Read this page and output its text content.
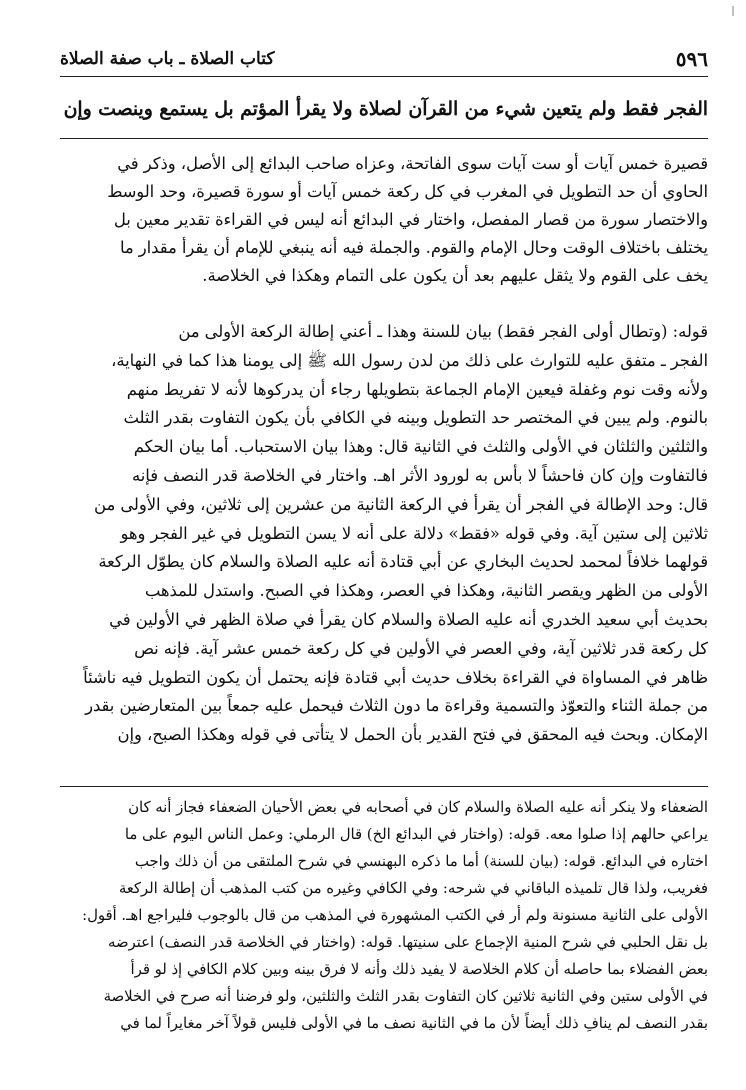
كتاب الصلاة ـ باب صفة الصلاة	٥٩٦
الفجر فقط ولم يتعين شيء من القرآن لصلاة ولا يقرأ المؤتم بل يستمع وينصت وإن
قصيرة خمس آيات أو ست آيات سوى الفاتحة، وعزاه صاحب البدائع إلى الأصل، وذكر في
الحاوي أن حد التطويل في المغرب في كل ركعة خمس آيات أو سورة قصيرة، وحد الوسط
والاختصار سورة من قصار المفصل، واختار في البدائع أنه ليس في القراءة تقدير معين بل
يختلف باختلاف الوقت وحال الإمام والقوم. والجملة فيه أنه ينبغي للإمام أن يقرأ مقدار ما
يخف على القوم ولا يثقل عليهم بعد أن يكون على التمام وهكذا في الخلاصة.
قوله: (وتطال أولى الفجر فقط) بيان للسنة وهذا ـ أعني إطالة الركعة الأولى من
الفجر ـ متفق عليه للتوارث على ذلك من لدن رسول الله ﷺ إلى يومنا هذا كما في النهاية،
ولأنه وقت نوم وغفلة فيعين الإمام الجماعة بتطويلها رجاء أن يدركوها لأنه لا تفريط منهم
بالنوم. ولم يبين في المختصر حد التطويل وبينه في الكافي بأن يكون التفاوت بقدر الثلث
والثلثين والثلثان في الأولى والثلث في الثانية قال: وهذا بيان الاستحباب. أما بيان الحكم
فالتفاوت وإن كان فاحشاً لا بأس به لورود الأثر اهـ. واختار في الخلاصة قدر النصف فإنه
قال: وحد الإطالة في الفجر أن يقرأ في الركعة الثانية من عشرين إلى ثلاثين، وفي الأولى من
ثلاثين إلى ستين آية. وفي قوله «فقط» دلالة على أنه لا يسن التطويل في غير الفجر وهو
قولهما خلافاً لمحمد لحديث البخاري عن أبي قتادة أنه عليه الصلاة والسلام كان يطوّل الركعة
الأولى من الظهر ويقصر الثانية، وهكذا في العصر، وهكذا في الصبح. واستدل للمذهب
بحديث أبي سعيد الخدري أنه عليه الصلاة والسلام كان يقرأ في صلاة الظهر في الأولين في
كل ركعة قدر ثلاثين آية، وفي العصر في الأولين في كل ركعة خمس عشر آية. فإنه نص
ظاهر في المساواة في القراءة بخلاف حديث أبي قتادة فإنه يحتمل أن يكون التطويل فيه ناشئاً
من جملة الثناء والتعوّذ والتسمية وقراءة ما دون الثلاث فيحمل عليه جمعاً بين المتعارضين بقدر
الإمكان. وبحث فيه المحقق في فتح القدير بأن الحمل لا يتأتى في قوله وهكذا الصبح، وإن
الضعفاء ولا ينكر أنه عليه الصلاة والسلام كان في أصحابه في بعض الأحيان الضعفاء فجاز أنه كان
يراعي حالهم إذا صلوا معه. قوله: (واختار في البدائع الخ) قال الرملي: وعمل الناس اليوم على ما
اختاره في البدائع. قوله: (بيان للسنة) أما ما ذكره البهنسي في شرح الملتقى من أن ذلك واجب
فغريب، ولذا قال تلميذه الباقاني في شرحه: وفي الكافي وغيره من كتب المذهب أن إطالة الركعة
الأولى على الثانية مسنونة ولم أر في الكتب المشهورة في المذهب من قال بالوجوب فليراجع اهـ. أقول:
بل نقل الحلبي في شرح المنية الإجماع على سنيتها. قوله: (واختار في الخلاصة قدر النصف) اعترضه
بعض الفضلاء بما حاصله أن كلام الخلاصة لا يفيد ذلك وأنه لا فرق بينه وبين كلام الكافي إذ لو قرأ
في الأولى ستين وفي الثانية ثلاثين كان التفاوت بقدر الثلث والثلثين، ولو فرضنا أنه صرح في الخلاصة
بقدر النصف لم ينافِ ذلك أيضاً لأن ما في الثانية نصف ما في الأولى فليس قولاً آخر مغايراً لما في
